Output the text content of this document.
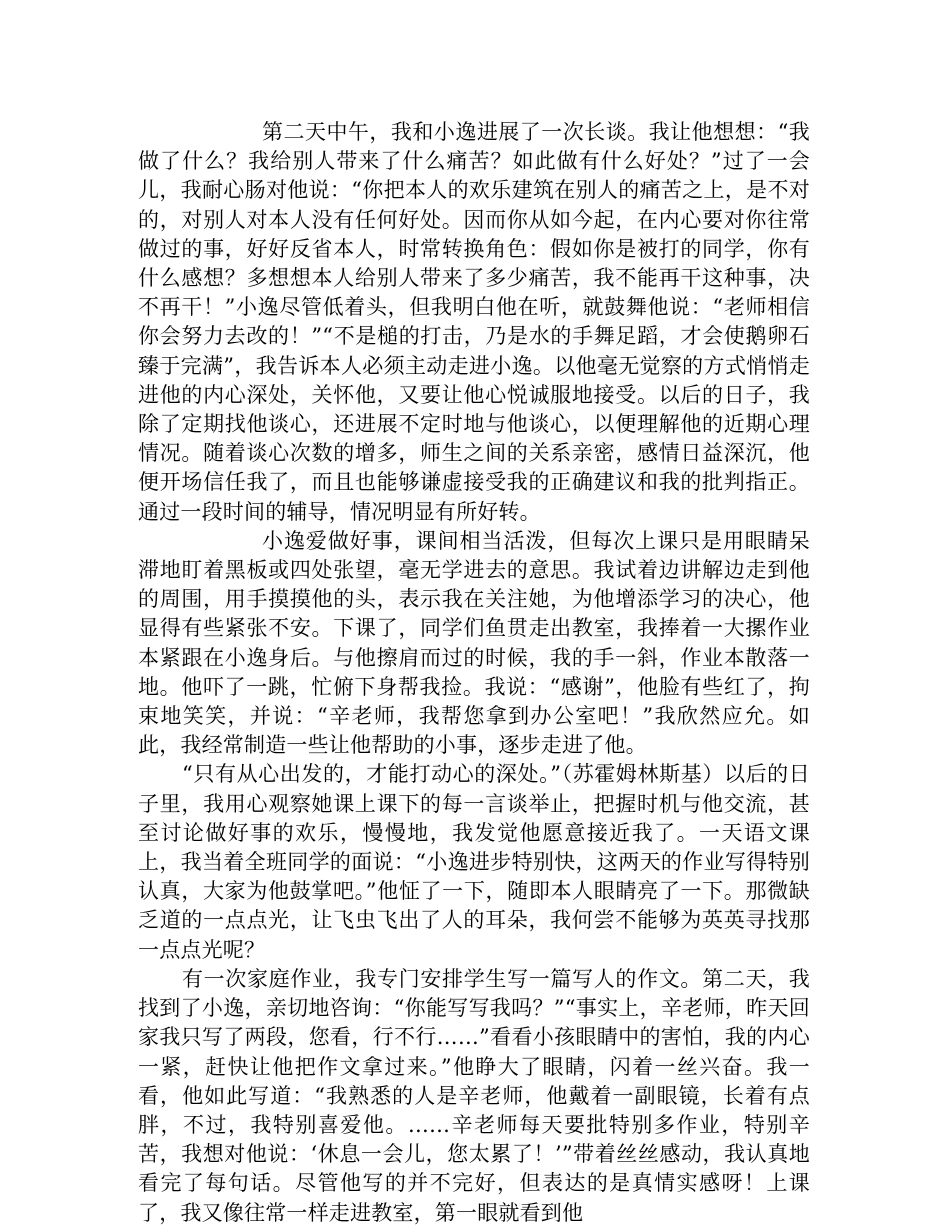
第二天中午，我和小逸进展了一次长谈。我让他想想：“我做了什么？我给别人带来了什么痛苦？如此做有什么好处？”过了一会儿，我耐心肠对他说：“你把本人的欢乐建筑在别人的痛苦之上，是不对的，对别人对本人没有任何好处。因而你从如今起，在内心要对你往常做过的事，好好反省本人，时常转换角色：假如你是被打的同学，你有什么感想？多想想本人给别人带来了多少痛苦，我不能再干这种事，决不再干！”小逸尽管低着头，但我明白他在听，就鼓舞他说：“老师相信你会努力去改的！”“不是槌的打击，乃是水的手舞足蹈，才会使鹅卵石臻于完满”，我告诉本人必须主动走进小逸。以他毫无觉察的方式悄悄走进他的内心深处，关怀他，又要让他心悦诚服地接受。以后的日子，我除了定期找他谈心，还进展不定时地与他谈心，以便理解他的近期心理情况。随着谈心次数的增多，师生之间的关系亲密，感情日益深沉，他便开场信任我了，而且也能够谦虚接受我的正确建议和我的批判指正。通过一段时间的辅导，情况明显有所好转。

小逸爱做好事，课间相当活泼，但每次上课只是用眼睛呆滞地盯着黑板或四处张望，毫无学进去的意思。我试着边讲解边走到他的周围，用手摸摸他的头，表示我在关注她，为他增添学习的决心，他显得有些紧张不安。下课了，同学们鱼贯走出教室，我捧着一大摞作业本紧跟在小逸身后。与他擦肩而过的时候，我的手一斜，作业本散落一地。他吓了一跳，忙俯下身帮我捡。我说：“感谢”，他脸有些红了，拘束地笑笑，并说：“辛老师，我帮您拿到办公室吧！”我欣然应允。如此，我经常制造一些让他帮助的小事，逐步走进了他。

“只有从心出发的，才能打动心的深处。”（苏霍姆林斯基）以后的日子里，我用心观察她课上课下的每一言谈举止，把握时机与他交流，甚至讨论做好事的欢乐，慢慢地，我发觉他愿意接近我了。一天语文课上，我当着全班同学的面说：“小逸进步特别快，这两天的作业写得特别认真，大家为他鼓掌吧。”他怔了一下，随即本人眼睛亮了一下。那微缺乏道的一点点光，让飞虫飞出了人的耳朵，我何尝不能够为英英寻找那一点点光呢？

有一次家庭作业，我专门安排学生写一篇写人的作文。第二天，我找到了小逸，亲切地咨询：“你能写写我吗？”“事实上，辛老师，昨天回家我只写了两段，您看，行不行……”看看小孩眼睛中的害怕，我的内心一紧，赶快让他把作文拿过来。”他睁大了眼睛，闪着一丝兴奋。我一看，他如此写道：“我熟悉的人是辛老师，他戴着一副眼镜，长着有点胖，不过，我特别喜爱他。……辛老师每天要批特别多作业，特别辛苦，我想对他说：‘休息一会儿，您太累了！’”带着丝丝感动，我认真地看完了每句话。尽管他写的并不完好，但表达的是真情实感呀！上课了，我又像往常一样走进教室，第一眼就看到他
